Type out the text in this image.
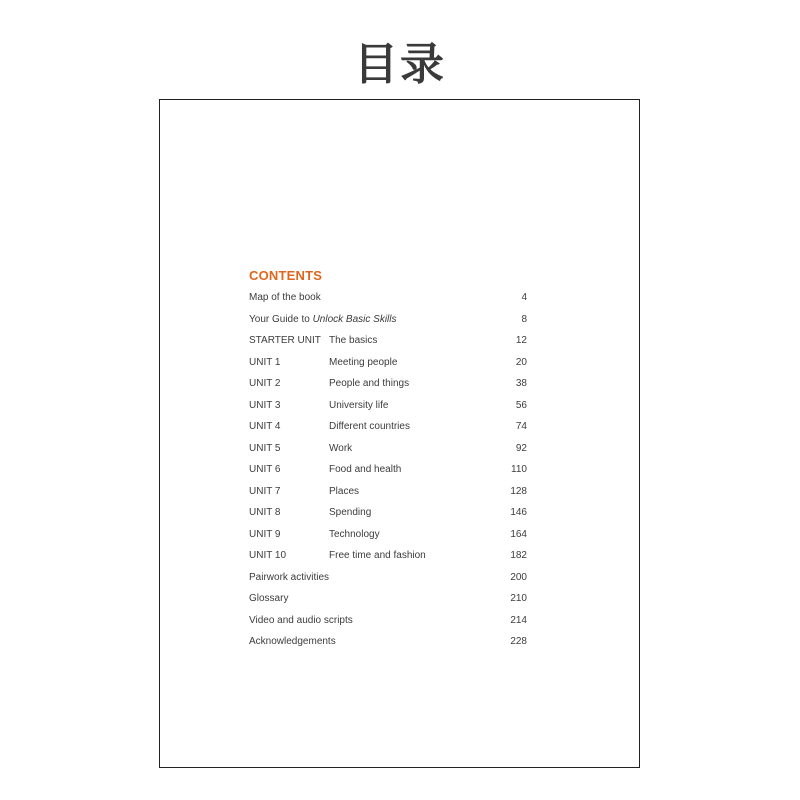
目录
CONTENTS
Map of the book	4
Your Guide to Unlock Basic Skills	8
STARTER UNIT The basics	12
UNIT 1	Meeting people	20
UNIT 2	People and things	38
UNIT 3	University life	56
UNIT 4	Different countries	74
UNIT 5	Work	92
UNIT 6	Food and health	110
UNIT 7	Places	128
UNIT 8	Spending	146
UNIT 9	Technology	164
UNIT 10	Free time and fashion	182
Pairwork activities	200
Glossary	210
Video and audio scripts	214
Acknowledgements	228
